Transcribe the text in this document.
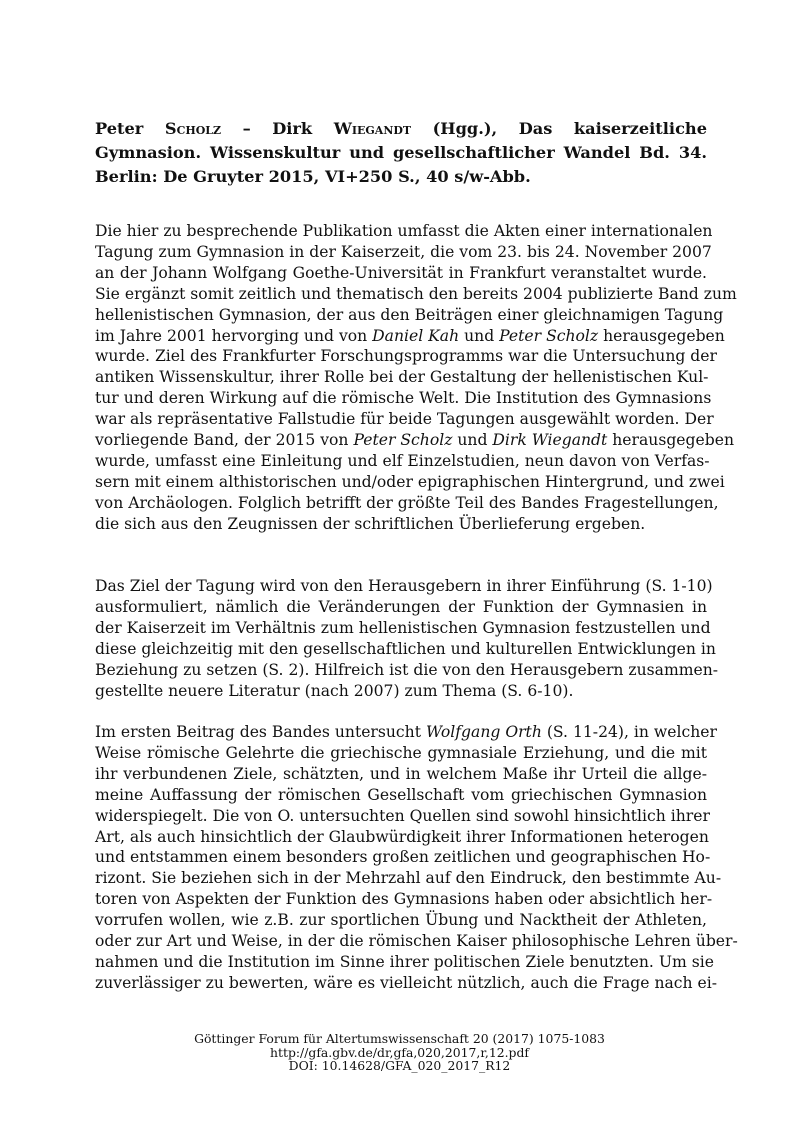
Peter Scholz – Dirk Wiegandt (Hgg.), Das kaiserzeitliche Gymnasion. Wissenskultur und gesellschaftlicher Wandel Bd. 34. Berlin: De Gruyter 2015, VI+250 S., 40 s/w-Abb.
Die hier zu besprechende Publikation umfasst die Akten einer internationalen
Tagung zum Gymnasion in der Kaiserzeit, die vom 23. bis 24. November 2007
an der Johann Wolfgang Goethe-Universität in Frankfurt veranstaltet wurde.
Sie ergänzt somit zeitlich und thematisch den bereits 2004 publizierte Band zum
hellenistischen Gymnasion, der aus den Beiträgen einer gleichnamigen Tagung
im Jahre 2001 hervorging und von Daniel Kah und Peter Scholz herausgegeben
wurde. Ziel des Frankfurter Forschungsprogramms war die Untersuchung der
antiken Wissenskultur, ihrer Rolle bei der Gestaltung der hellenistischen Kul-
tur und deren Wirkung auf die römische Welt. Die Institution des Gymnasions
war als repräsentative Fallstudie für beide Tagungen ausgewählt worden. Der
vorliegende Band, der 2015 von Peter Scholz und Dirk Wiegandt herausgegeben
wurde, umfasst eine Einleitung und elf Einzelstudien, neun davon von Verfas-
sern mit einem althistorischen und/oder epigraphischen Hintergrund, und zwei
von Archäologen. Folglich betrifft der größte Teil des Bandes Fragestellungen,
die sich aus den Zeugnissen der schriftlichen Überlieferung ergeben.
Das Ziel der Tagung wird von den Herausgebern in ihrer Einführung (S. 1-10)
ausformuliert, nämlich die Veränderungen der Funktion der Gymnasien in
der Kaiserzeit im Verhältnis zum hellenistischen Gymnasion festzustellen und
diese gleichzeitig mit den gesellschaftlichen und kulturellen Entwicklungen in
Beziehung zu setzen (S. 2). Hilfreich ist die von den Herausgebern zusammen-
gestellte neuere Literatur (nach 2007) zum Thema (S. 6-10).
Im ersten Beitrag des Bandes untersucht Wolfgang Orth (S. 11-24), in welcher
Weise römische Gelehrte die griechische gymnasiale Erziehung, und die mit
ihr verbundenen Ziele, schätzten, und in welchem Maße ihr Urteil die allge-
meine Auffassung der römischen Gesellschaft vom griechischen Gymnasion
widerspiegelt. Die von O. untersuchten Quellen sind sowohl hinsichtlich ihrer
Art, als auch hinsichtlich der Glaubwürdigkeit ihrer Informationen heterogen
und entstammen einem besonders großen zeitlichen und geographischen Ho-
rizont. Sie beziehen sich in der Mehrzahl auf den Eindruck, den bestimmte Au-
toren von Aspekten der Funktion des Gymnasions haben oder absichtlich her-
vorrufen wollen, wie z.B. zur sportlichen Übung und Nacktheit der Athleten,
oder zur Art und Weise, in der die römischen Kaiser philosophische Lehren über-
nahmen und die Institution im Sinne ihrer politischen Ziele benutzten. Um sie
zuverlässiger zu bewerten, wäre es vielleicht nützlich, auch die Frage nach ei-
Göttinger Forum für Altertumswissenschaft 20 (2017) 1075-1083
http://gfa.gbv.de/dr,gfa,020,2017,r,12.pdf
DOI: 10.14628/GFA_020_2017_R12
